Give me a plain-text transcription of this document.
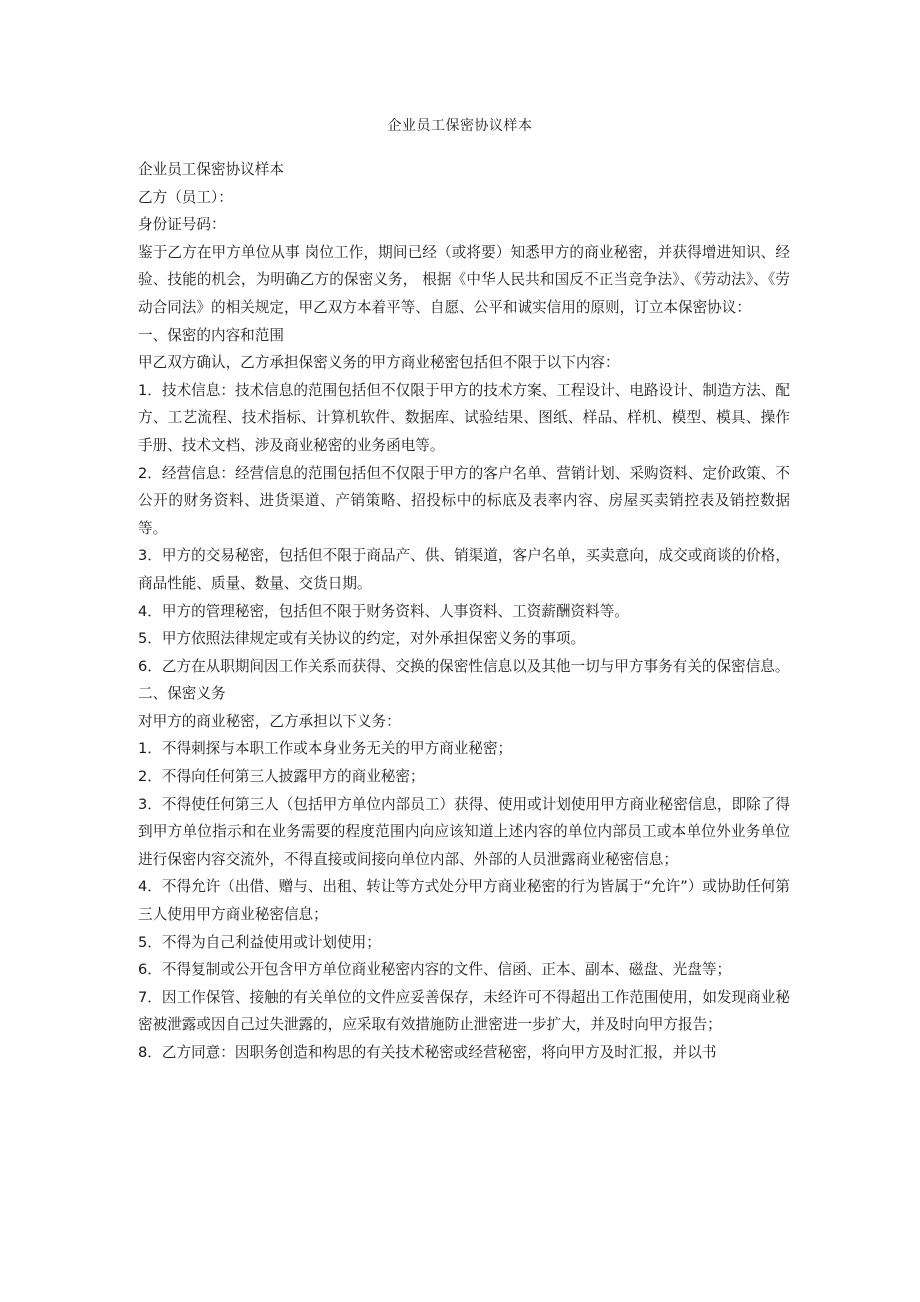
企业员工保密协议样本

企业员工保密协议样本

乙方（员工）：

身份证号码：

鉴于乙方在甲方单位从事 岗位工作，期间已经（或将要）知悉甲方的商业秘密，并获得增进知识、经验、技能的机会，为明确乙方的保密义务， 根据《中华人民共和国反不正当竞争法》、《劳动法》、《劳动合同法》的相关规定，甲乙双方本着平等、自愿、公平和诚实信用的原则，订立本保密协议：

一、保密的内容和范围

甲乙双方确认，乙方承担保密义务的甲方商业秘密包括但不限于以下内容：

1．技术信息：技术信息的范围包括但不仅限于甲方的技术方案、工程设计、电路设计、制造方法、配方、工艺流程、技术指标、计算机软件、数据库、试验结果、图纸、样品、样机、模型、模具、操作手册、技术文档、涉及商业秘密的业务函电等。

2．经营信息：经营信息的范围包括但不仅限于甲方的客户名单、营销计划、采购资料、定价政策、不公开的财务资料、进货渠道、产销策略、招投标中的标底及表率内容、房屋买卖销控表及销控数据等。

3．甲方的交易秘密，包括但不限于商品产、供、销渠道，客户名单，买卖意向，成交或商谈的价格，商品性能、质量、数量、交货日期。

4．甲方的管理秘密，包括但不限于财务资料、人事资料、工资薪酬资料等。

5．甲方依照法律规定或有关协议的约定，对外承担保密义务的事项。

6．乙方在从职期间因工作关系而获得、交换的保密性信息以及其他一切与甲方事务有关的保密信息。

二、保密义务

对甲方的商业秘密，乙方承担以下义务：

1．不得刺探与本职工作或本身业务无关的甲方商业秘密；

2．不得向任何第三人披露甲方的商业秘密；

3．不得使任何第三人（包括甲方单位内部员工）获得、使用或计划使用甲方商业秘密信息，即除了得到甲方单位指示和在业务需要的程度范围内向应该知道上述内容的单位内部员工或本单位外业务单位进行保密内容交流外，不得直接或间接向单位内部、外部的人员泄露商业秘密信息；

4．不得允许（出借、赠与、出租、转让等方式处分甲方商业秘密的行为皆属于“允许”）或协助任何第三人使用甲方商业秘密信息；

5．不得为自己利益使用或计划使用；

6．不得复制或公开包含甲方单位商业秘密内容的文件、信函、正本、副本、磁盘、光盘等；

7．因工作保管、接触的有关单位的文件应妥善保存，未经许可不得超出工作范围使用，如发现商业秘密被泄露或因自己过失泄露的，应采取有效措施防止泄密进一步扩大，并及时向甲方报告；

8．乙方同意：因职务创造和构思的有关技术秘密或经营秘密，将向甲方及时汇报，并以书
